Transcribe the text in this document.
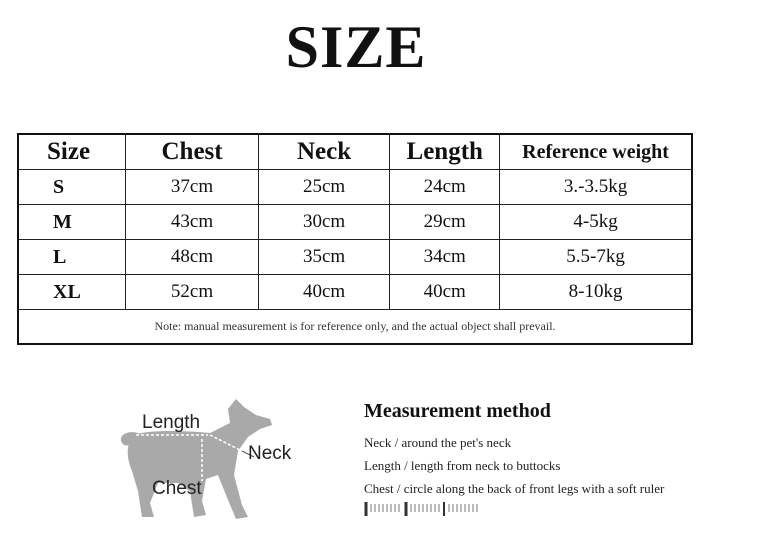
SIZE
Size	Chest	Neck	Length	Reference weight
S	37cm	25cm	24cm	3.-3.5kg
M	43cm	30cm	29cm	4-5kg
L	48cm	35cm	34cm	5.5-7kg
XL	52cm	40cm	40cm	8-10kg
Note: manual measurement is for reference only, and the actual object shall prevail.				
Length
Neck
Chest
Measurement method
Neck / around the pet's neck
Length / length from neck to buttocks
Chest / circle along the back of front legs with a soft ruler
